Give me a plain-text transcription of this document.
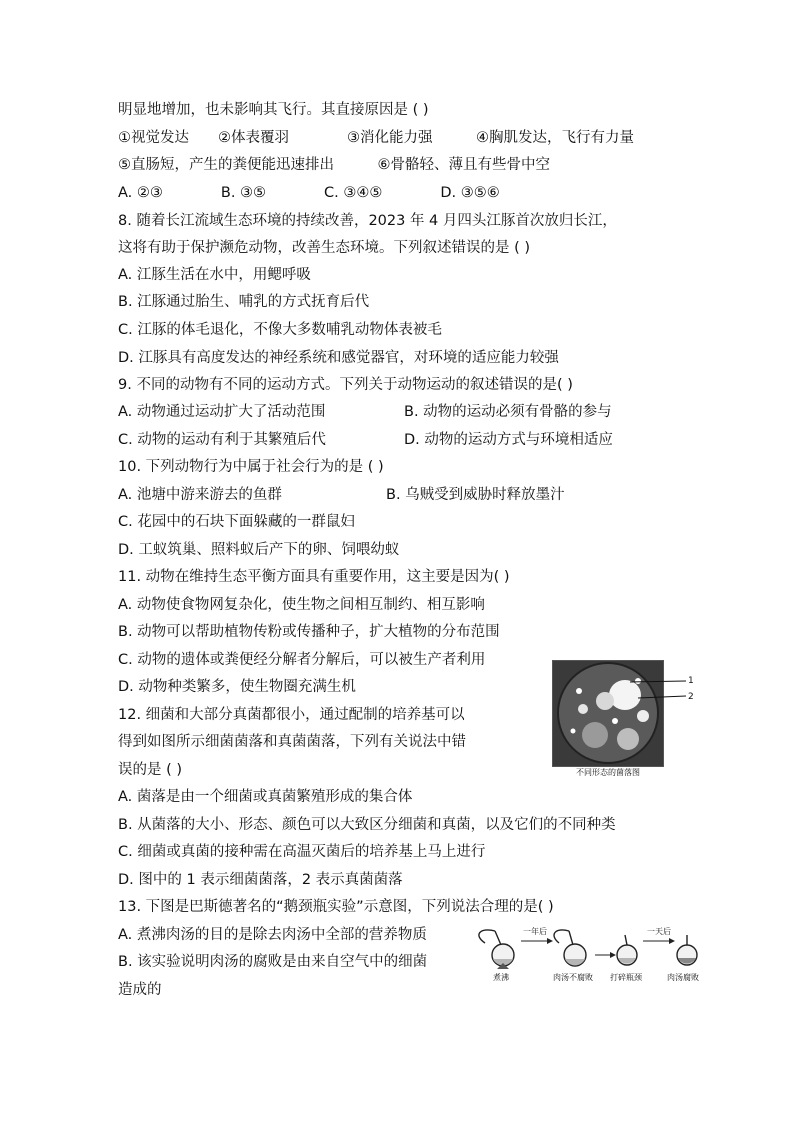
明显地增加，也未影响其飞行。其直接原因是 ( )
①视觉发达　　②体表覆羽　　　　③消化能力强　　　④胸肌发达，飞行有力量
⑤直肠短，产生的粪便能迅速排出　　　⑥骨骼轻、薄且有些骨中空
A. ②③　　　　B. ③⑤　　　　C. ③④⑤　　　　D. ③⑤⑥
8. 随着长江流域生态环境的持续改善，2023 年 4 月四头江豚首次放归长江，
这将有助于保护濒危动物，改善生态环境。下列叙述错误的是 ( )
A. 江豚生活在水中，用鳃呼吸
B. 江豚通过胎生、哺乳的方式抚育后代
C. 江豚的体毛退化，不像大多数哺乳动物体表被毛
D. 江豚具有高度发达的神经系统和感觉器官，对环境的适应能力较强
9. 不同的动物有不同的运动方式。下列关于动物运动的叙述错误的是( )
A. 动物通过运动扩大了活动范围	B. 动物的运动必须有骨骼的参与
C. 动物的运动有利于其繁殖后代	D. 动物的运动方式与环境相适应
10. 下列动物行为中属于社会行为的是 ( )
A. 池塘中游来游去的鱼群	B. 乌贼受到威胁时释放墨汁
C. 花园中的石块下面躲藏的一群鼠妇
D. 工蚁筑巢、照料蚁后产下的卵、饲喂幼蚁
11. 动物在维持生态平衡方面具有重要作用，这主要是因为( )
A. 动物使食物网复杂化，使生物之间相互制约、相互影响
B. 动物可以帮助植物传粉或传播种子，扩大植物的分布范围
C. 动物的遗体或粪便经分解者分解后，可以被生产者利用
D. 动物种类繁多，使生物圈充满生机
12. 细菌和大部分真菌都很小，通过配制的培养基可以
得到如图所示细菌菌落和真菌菌落，下列有关说法中错
误的是 ( )
A. 菌落是由一个细菌或真菌繁殖形成的集合体
B. 从菌落的大小、形态、颜色可以大致区分细菌和真菌，以及它们的不同种类
C. 细菌或真菌的接种需在高温灭菌后的培养基上马上进行
D. 图中的 1 表示细菌菌落，2 表示真菌菌落
13. 下图是巴斯德著名的“鹅颈瓶实验”示意图，下列说法合理的是( )
A. 煮沸肉汤的目的是除去肉汤中全部的营养物质
B. 该实验说明肉汤的腐败是由来自空气中的细菌
造成的
1
2
不同形态的菌落图
一年后	一天后
煮沸	肉汤不腐败 打碎瓶颈	肉汤腐败
